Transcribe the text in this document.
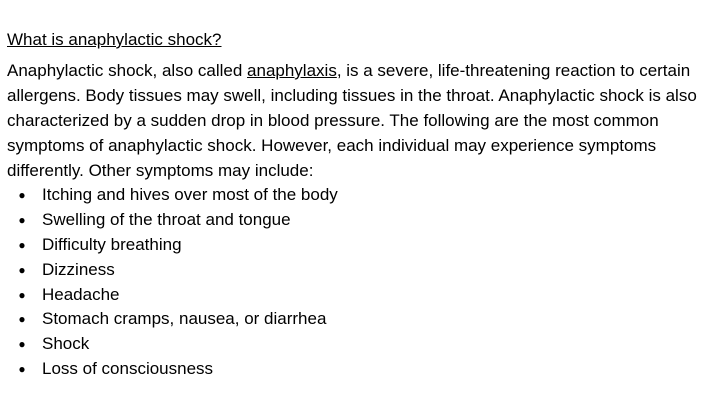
What is anaphylactic shock?

Anaphylactic shock, also called anaphylaxis, is a severe, life-threatening reaction to certain allergens. Body tissues may swell, including tissues in the throat. Anaphylactic shock is also characterized by a sudden drop in blood pressure. The following are the most common symptoms of anaphylactic shock. However, each individual may experience symptoms differently. Other symptoms may include:

● Itching and hives over most of the body
● Swelling of the throat and tongue
● Difficulty breathing
● Dizziness
● Headache
● Stomach cramps, nausea, or diarrhea
● Shock
● Loss of consciousness
